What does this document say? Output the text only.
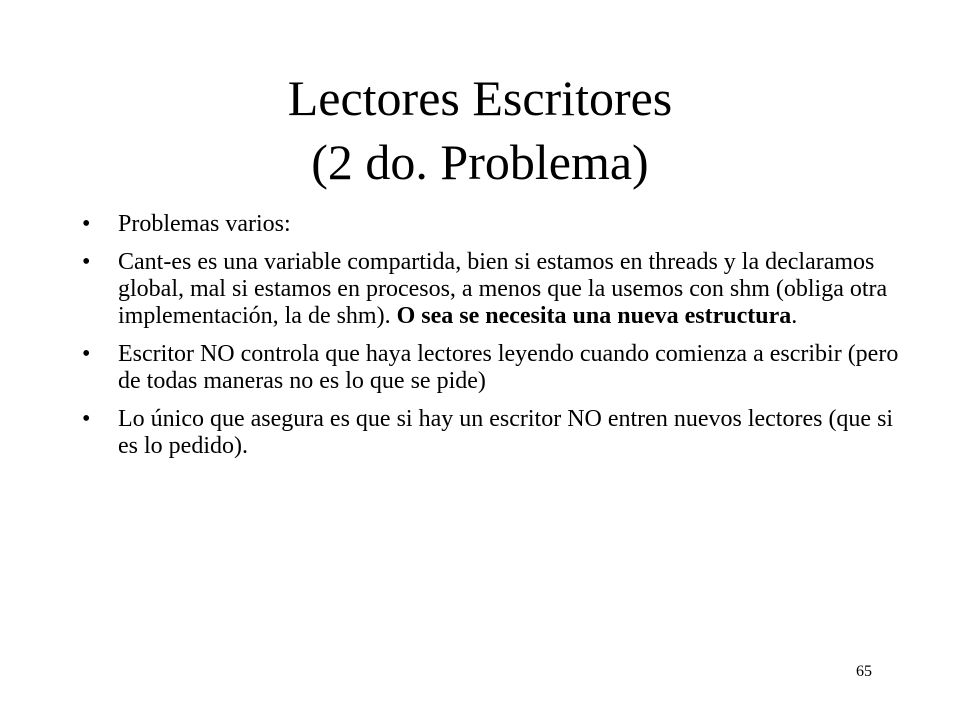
Lectores Escritores
(2 do. Problema)
• Problemas varios:
• Cant-es es una variable compartida, bien si estamos en threads y la declaramos global, mal si estamos en procesos, a menos que la usemos con shm (obliga otra implementación, la de shm). O sea se necesita una nueva estructura.
• Escritor NO controla que haya lectores leyendo cuando comienza a escribir (pero de todas maneras no es lo que se pide)
• Lo único que asegura es que si hay un escritor NO entren nuevos lectores (que si es lo pedido).
65
